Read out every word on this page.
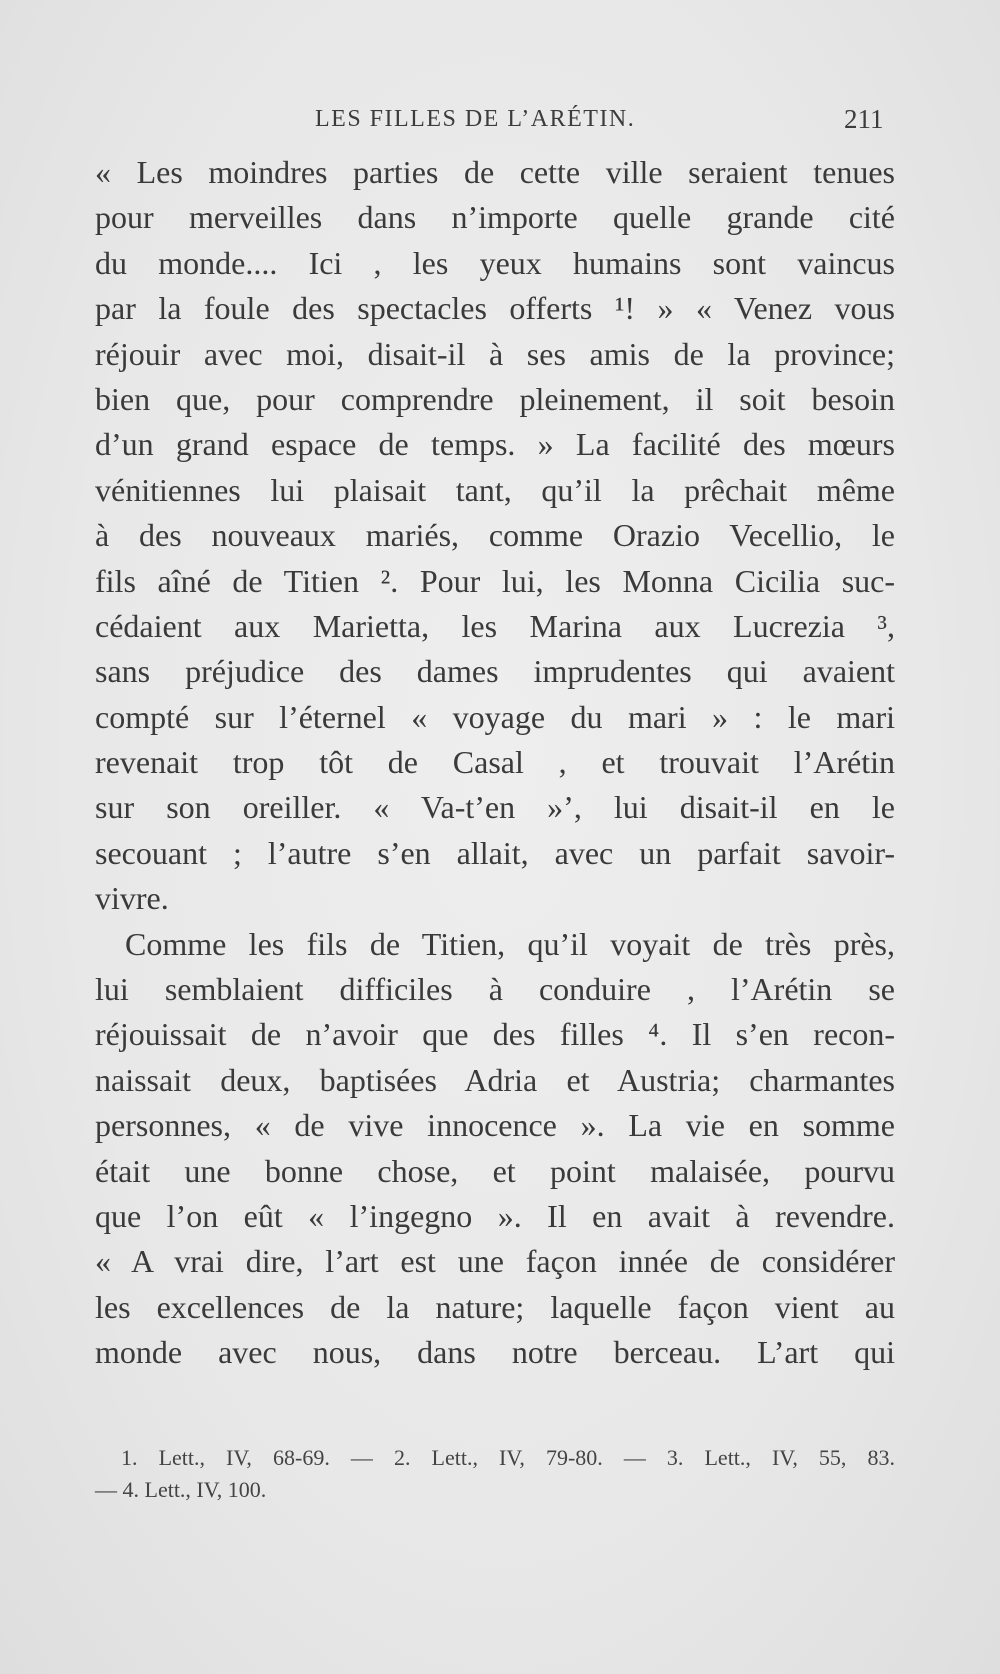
LES FILLES DE L’ARÉTIN.	211
« Les moindres parties de cette ville seraient tenues
pour merveilles dans n’importe quelle grande cité
du monde.... Ici , les yeux humains sont vaincus
par la foule des spectacles offerts ¹! » « Venez vous
réjouir avec moi, disait-il à ses amis de la province;
bien que, pour comprendre pleinement, il soit besoin
d’un grand espace de temps. » La facilité des mœurs
vénitiennes lui plaisait tant, qu’il la prêchait même
à des nouveaux mariés, comme Orazio Vecellio, le
fils aîné de Titien ². Pour lui, les Monna Cicilia suc-
cédaient aux Marietta, les Marina aux Lucrezia ³,
sans préjudice des dames imprudentes qui avaient
compté sur l’éternel « voyage du mari » : le mari
revenait trop tôt de Casal , et trouvait l’Arétin
sur son oreiller. « Va-t’en »’, lui disait-il en le
secouant ; l’autre s’en allait, avec un parfait savoir-
vivre.
Comme les fils de Titien, qu’il voyait de très près,
lui semblaient difficiles à conduire , l’Arétin se
réjouissait de n’avoir que des filles ⁴. Il s’en recon-
naissait deux, baptisées Adria et Austria; charmantes
personnes, « de vive innocence ». La vie en somme
était une bonne chose, et point malaisée, pourvu
que l’on eût « l’ingegno ». Il en avait à revendre.
« A vrai dire, l’art est une façon innée de considérer
les excellences de la nature; laquelle façon vient au
monde avec nous, dans notre berceau. L’art qui
1. Lett., IV, 68-69. — 2. Lett., IV, 79-80. — 3. Lett., IV, 55, 83.
— 4. Lett., IV, 100.
